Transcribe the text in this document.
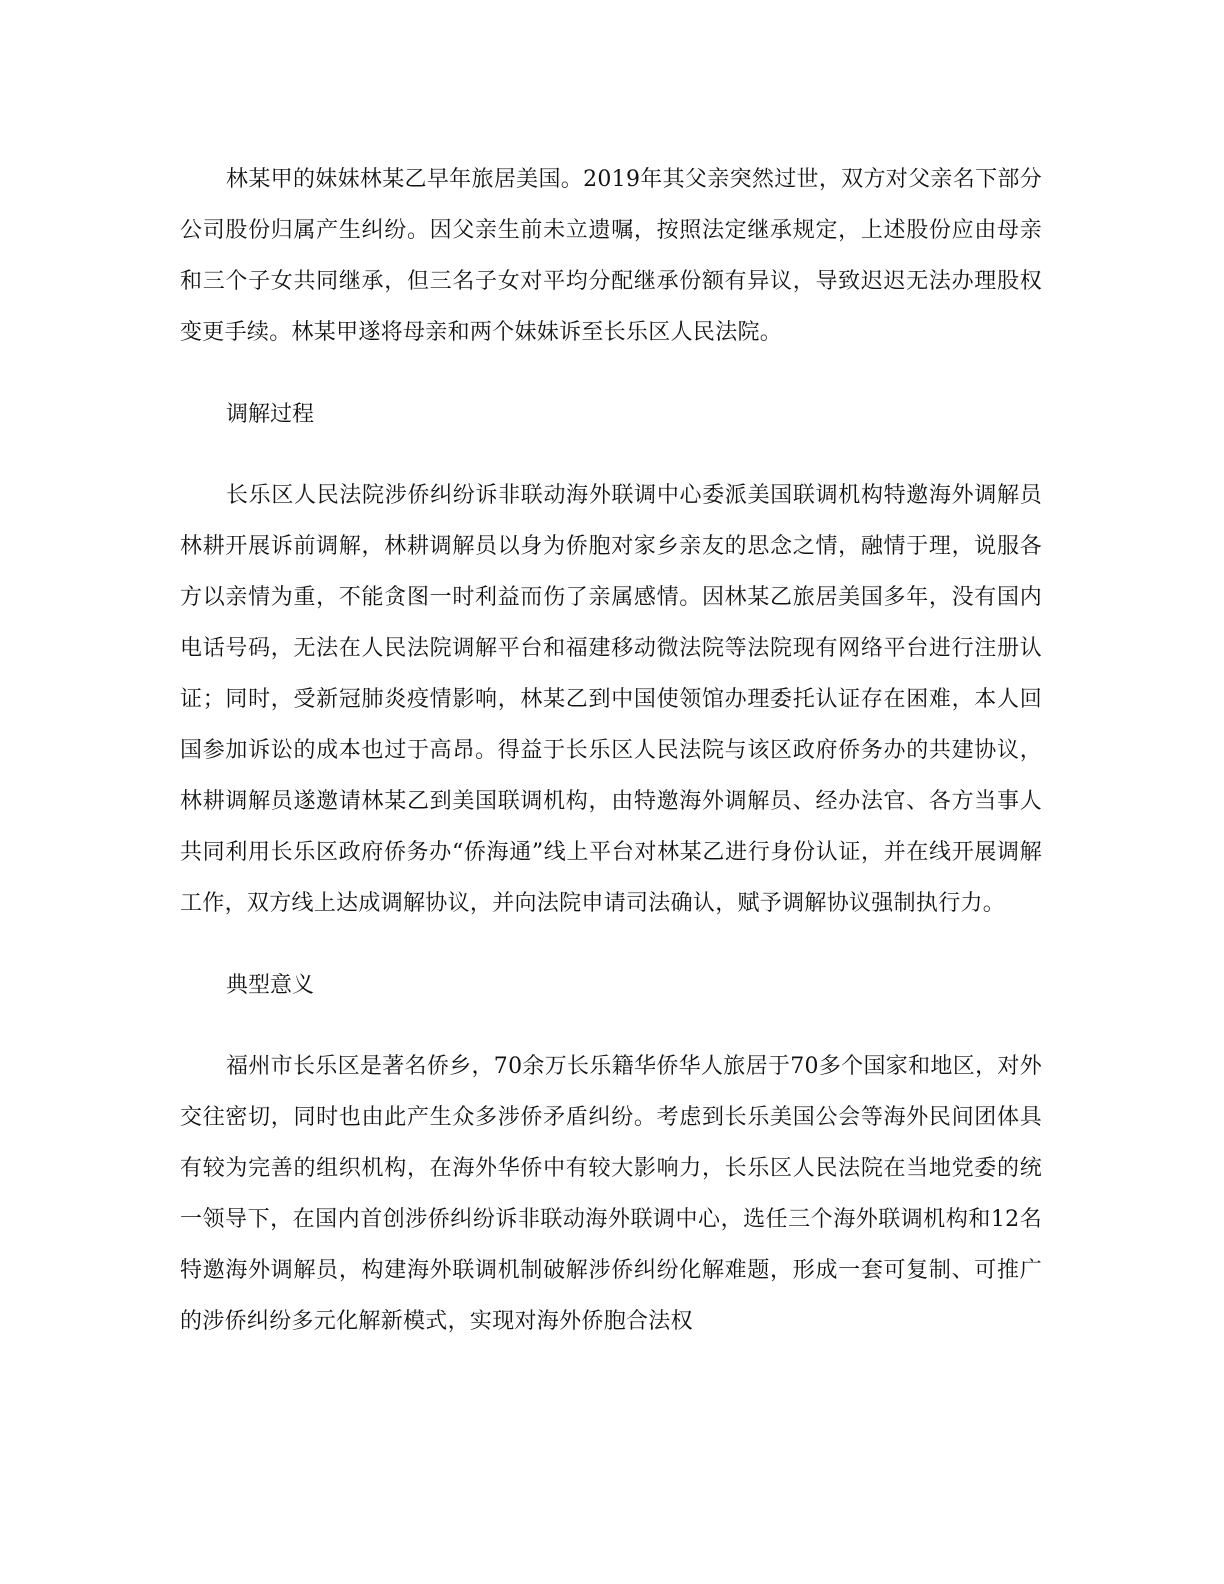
林某甲的妹妹林某乙早年旅居美国。2019年其父亲突然过世，双方对父亲名下部分公司股份归属产生纠纷。因父亲生前未立遗嘱，按照法定继承规定，上述股份应由母亲和三个子女共同继承，但三名子女对平均分配继承份额有异议，导致迟迟无法办理股权变更手续。林某甲遂将母亲和两个妹妹诉至长乐区人民法院。

调解过程

长乐区人民法院涉侨纠纷诉非联动海外联调中心委派美国联调机构特邀海外调解员林耕开展诉前调解，林耕调解员以身为侨胞对家乡亲友的思念之情，融情于理，说服各方以亲情为重，不能贪图一时利益而伤了亲属感情。因林某乙旅居美国多年，没有国内电话号码，无法在人民法院调解平台和福建移动微法院等法院现有网络平台进行注册认证；同时，受新冠肺炎疫情影响，林某乙到中国使领馆办理委托认证存在困难，本人回国参加诉讼的成本也过于高昂。得益于长乐区人民法院与该区政府侨务办的共建协议，林耕调解员遂邀请林某乙到美国联调机构，由特邀海外调解员、经办法官、各方当事人共同利用长乐区政府侨务办“侨海通”线上平台对林某乙进行身份认证，并在线开展调解工作，双方线上达成调解协议，并向法院申请司法确认，赋予调解协议强制执行力。

典型意义

福州市长乐区是著名侨乡，70余万长乐籍华侨华人旅居于70多个国家和地区，对外交往密切，同时也由此产生众多涉侨矛盾纠纷。考虑到长乐美国公会等海外民间团体具有较为完善的组织机构，在海外华侨中有较大影响力，长乐区人民法院在当地党委的统一领导下，在国内首创涉侨纠纷诉非联动海外联调中心，选任三个海外联调机构和12名特邀海外调解员，构建海外联调机制破解涉侨纠纷化解难题，形成一套可复制、可推广的涉侨纠纷多元化解新模式，实现对海外侨胞合法权
